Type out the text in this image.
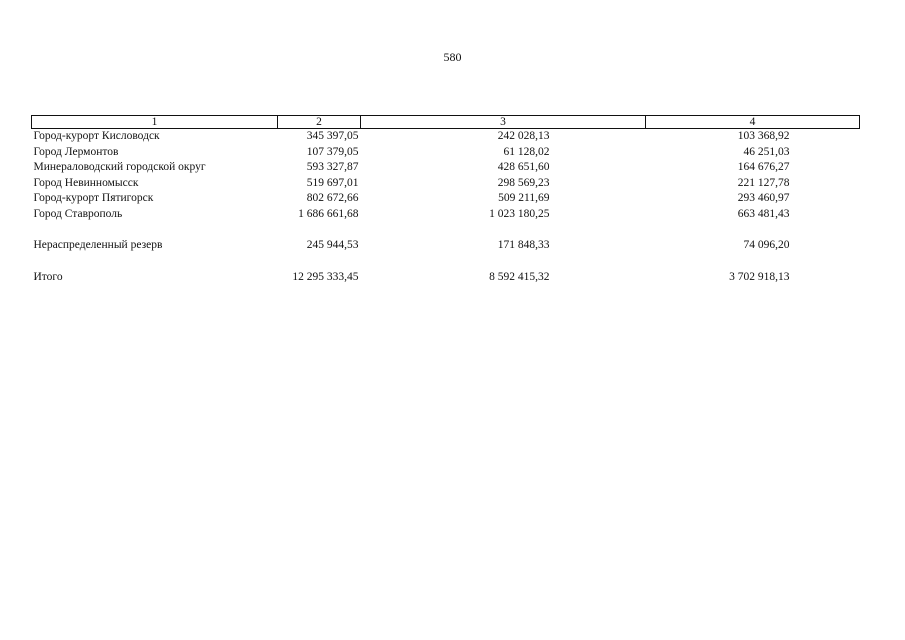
580
1	2	3	4
Город-курорт Кисловодск	345 397,05	242 028,13	103 368,92
Город Лермонтов	107 379,05	61 128,02	46 251,03
Минераловодский городской округ	593 327,87	428 651,60	164 676,27
Город Невинномысск	519 697,01	298 569,23	221 127,78
Город-курорт Пятигорск	802 672,66	509 211,69	293 460,97
Город Ставрополь	1 686 661,68	1 023 180,25	663 481,43

Нераспределенный резерв	245 944,53	171 848,33	74 096,20

Итого	12 295 333,45	8 592 415,32	3 702 918,13
